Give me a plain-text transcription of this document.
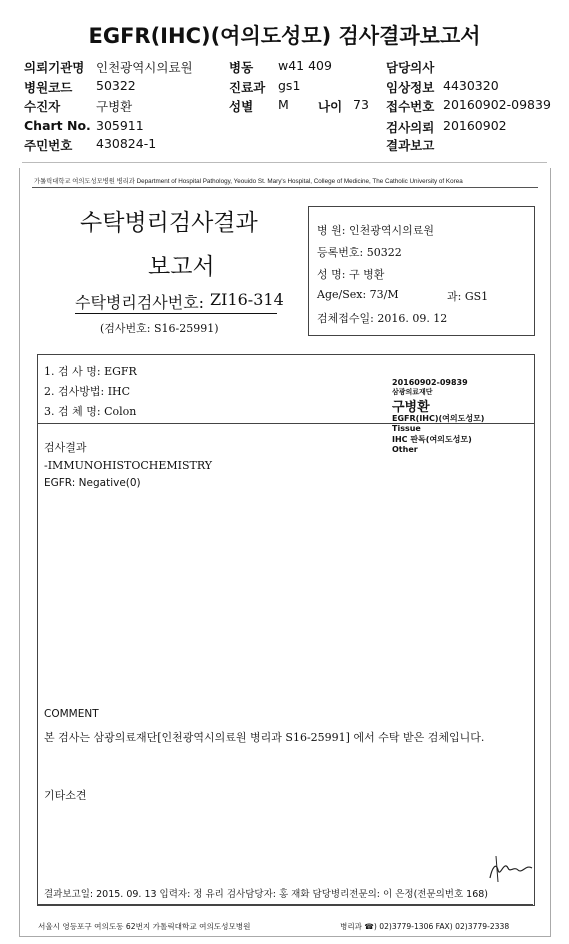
EGFR(IHC)(여의도성모) 검사결과보고서
의뢰기관명 인천광역시의료원	병동 w41 409	담당의사
병원코드 50322	진료과 gs1	임상정보 4430320
수진자	구병환	성별 M 나이 73 접수번호 20160902-09839
Chart No. 305911	검사의뢰 20160902
주민번호 430824-1	결과보고
가톨릭대학교 여의도성모병원 병리과 Department of Hospital Pathology, Yeouido St. Mary's Hospital, College of Medicine, The Catholic University of Korea
수탁병리검사결과
보고서
수탁병리검사번호: ZI16-314
(검사번호: S16-25991)
병 원: 인천광역시의료원
등록번호: 50322
성 명: 구 병환
Age/Sex: 73/M	과: GS1
검체접수일: 2016. 09. 12
1. 검 사 명: EGFR
2. 검사방법: IHC
3. 검 체 명: Colon
검사결과
-IMMUNOHISTOCHEMISTRY
EGFR: Negative(0)
COMMENT
본 검사는 삼광의료재단[인천광역시의료원 병리과 S16-25991] 에서 수탁 받은 검체입니다.
기타소견
20160902-09839
삼광의료재단
구병환
EGFR(IHC)(여의도성모)
Tissue
IHC 판독(여의도성모)
Other
결과보고일: 2015. 09. 13 입력자: 정 유리 검사담당자: 홍 재화 담당병리전문의: 이 은정(전문의번호 168)
서울시 영등포구 여의도동 62번지 가톨릭대학교 여의도성모병원	병리과 ☎) 02)3779-1306 FAX) 02)3779-2338
